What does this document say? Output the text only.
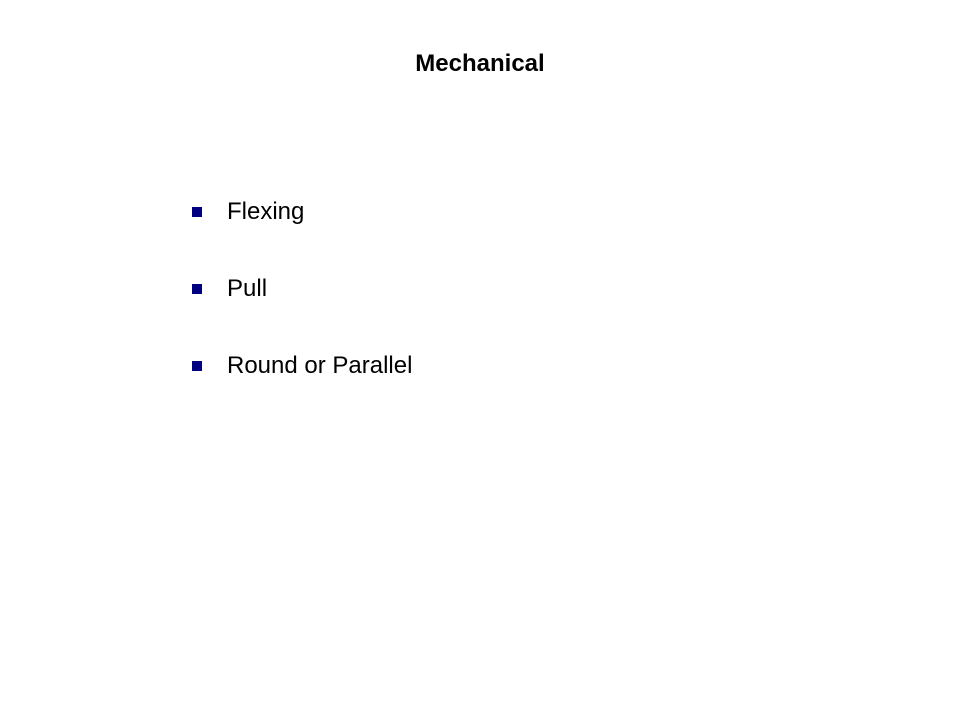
Mechanical
Flexing
Pull
Round or Parallel
